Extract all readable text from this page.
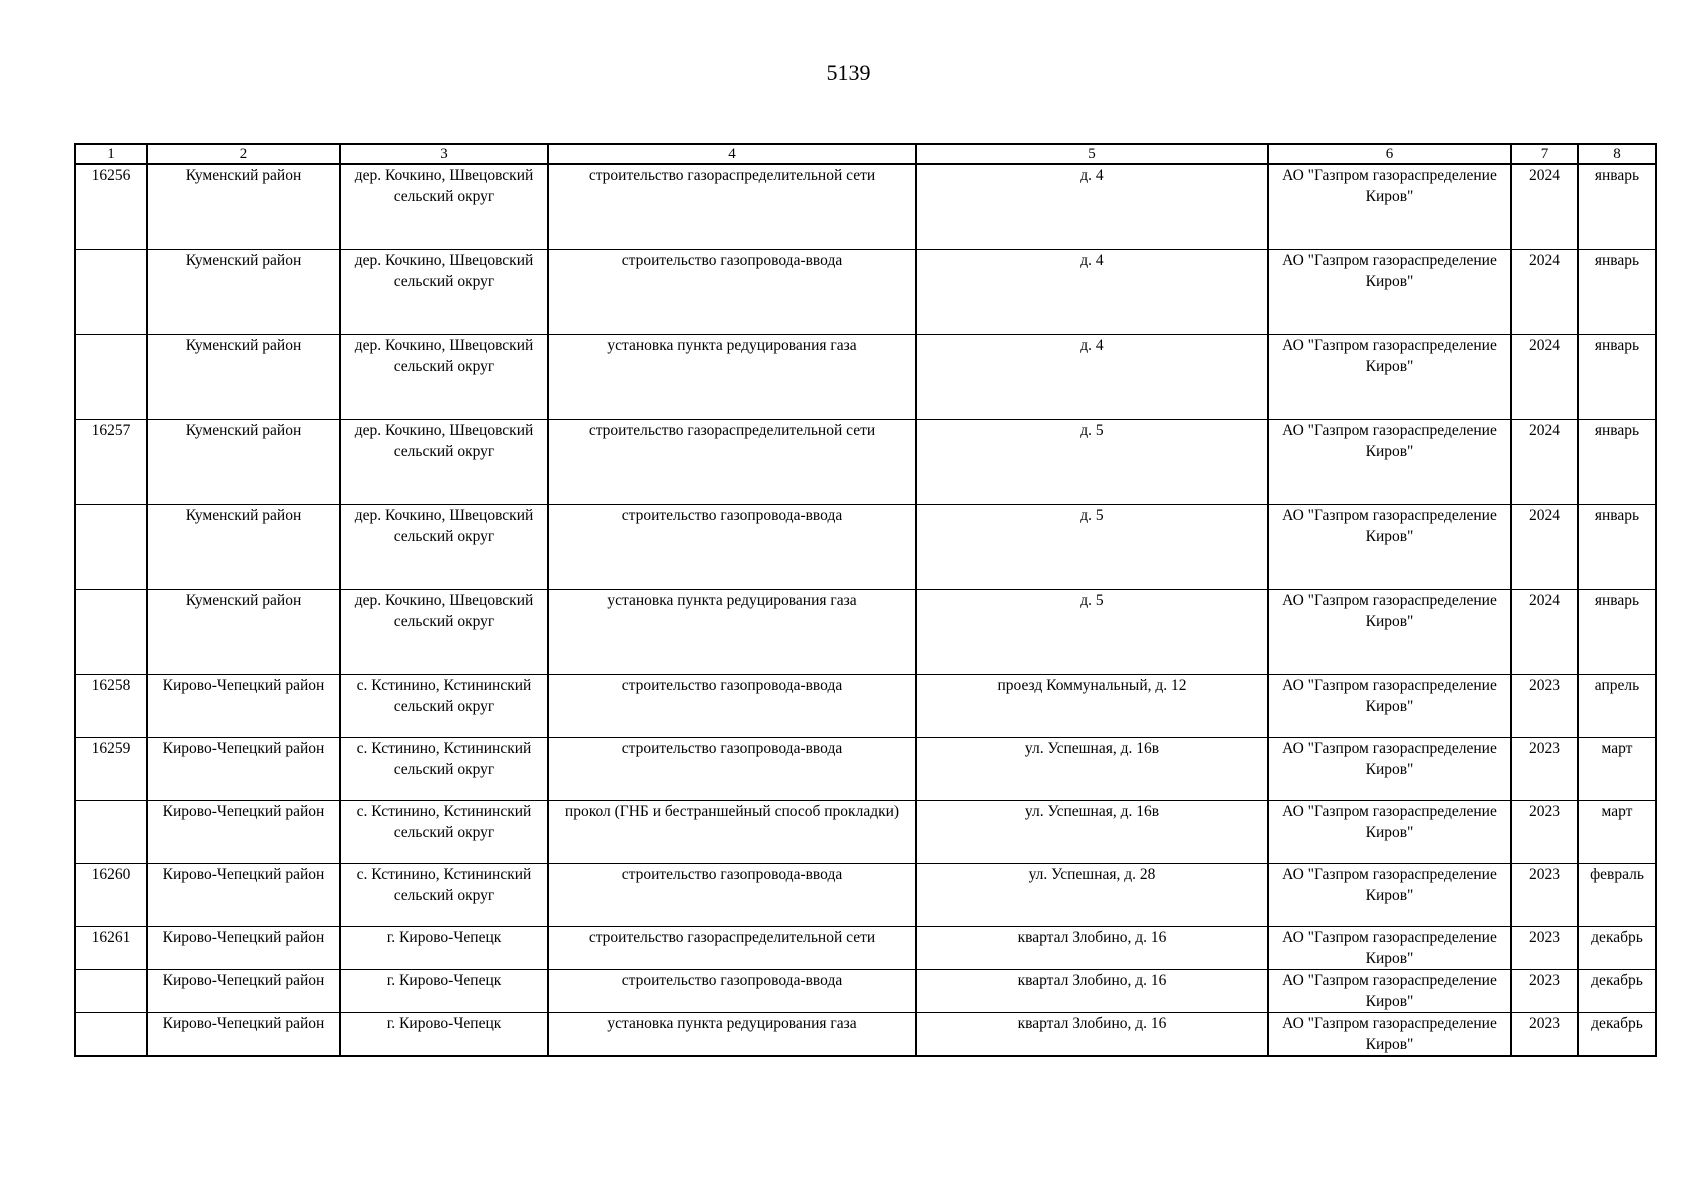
5139
1	2	3	4	5	6	7	8
16256	Куменский район	дер. Кочкино, Швецовский сельский округ	строительство газораспределительной сети	д. 4	АО "Газпром газораспределение Киров"	2024	январь
	Куменский район	дер. Кочкино, Швецовский сельский округ	строительство газопровода-ввода	д. 4	АО "Газпром газораспределение Киров"	2024	январь
	Куменский район	дер. Кочкино, Швецовский сельский округ	установка пункта редуцирования газа	д. 4	АО "Газпром газораспределение Киров"	2024	январь
16257	Куменский район	дер. Кочкино, Швецовский сельский округ	строительство газораспределительной сети	д. 5	АО "Газпром газораспределение Киров"	2024	январь
	Куменский район	дер. Кочкино, Швецовский сельский округ	строительство газопровода-ввода	д. 5	АО "Газпром газораспределение Киров"	2024	январь
	Куменский район	дер. Кочкино, Швецовский сельский округ	установка пункта редуцирования газа	д. 5	АО "Газпром газораспределение Киров"	2024	январь
16258	Кирово-Чепецкий район	с. Кстинино, Кстининский сельский округ	строительство газопровода-ввода	проезд Коммунальный, д. 12	АО "Газпром газораспределение Киров"	2023	апрель
16259	Кирово-Чепецкий район	с. Кстинино, Кстининский сельский округ	строительство газопровода-ввода	ул. Успешная, д. 16в	АО "Газпром газораспределение Киров"	2023	март
	Кирово-Чепецкий район	с. Кстинино, Кстининский сельский округ	прокол (ГНБ и бестраншейный способ прокладки)	ул. Успешная, д. 16в	АО "Газпром газораспределение Киров"	2023	март
16260	Кирово-Чепецкий район	с. Кстинино, Кстининский сельский округ	строительство газопровода-ввода	ул. Успешная, д. 28	АО "Газпром газораспределение Киров"	2023	февраль
16261	Кирово-Чепецкий район	г. Кирово-Чепецк	строительство газораспределительной сети	квартал Злобино, д. 16	АО "Газпром газораспределение Киров"	2023	декабрь
	Кирово-Чепецкий район	г. Кирово-Чепецк	строительство газопровода-ввода	квартал Злобино, д. 16	АО "Газпром газораспределение Киров"	2023	декабрь
	Кирово-Чепецкий район	г. Кирово-Чепецк	установка пункта редуцирования газа	квартал Злобино, д. 16	АО "Газпром газораспределение Киров"	2023	декабрь
